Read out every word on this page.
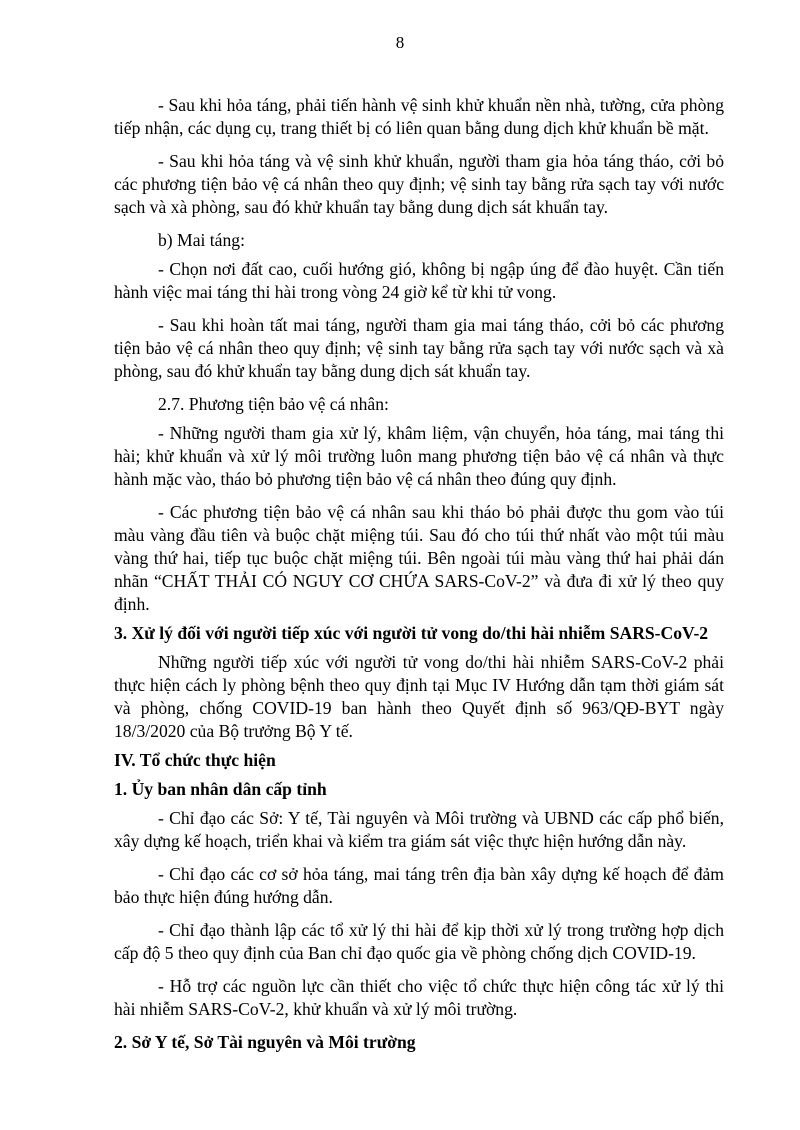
8

- Sau khi hỏa táng, phải tiến hành vệ sinh khử khuẩn nền nhà, tường, cửa phòng tiếp nhận, các dụng cụ, trang thiết bị có liên quan bằng dung dịch khử khuẩn bề mặt.

- Sau khi hỏa táng và vệ sinh khử khuẩn, người tham gia hỏa táng tháo, cởi bỏ các phương tiện bảo vệ cá nhân theo quy định; vệ sinh tay bằng rửa sạch tay với nước sạch và xà phòng, sau đó khử khuẩn tay bằng dung dịch sát khuẩn tay.

b) Mai táng:

- Chọn nơi đất cao, cuối hướng gió, không bị ngập úng để đào huyệt. Cần tiến hành việc mai táng thi hài trong vòng 24 giờ kể từ khi tử vong.

- Sau khi hoàn tất mai táng, người tham gia mai táng tháo, cởi bỏ các phương tiện bảo vệ cá nhân theo quy định; vệ sinh tay bằng rửa sạch tay với nước sạch và xà phòng, sau đó khử khuẩn tay bằng dung dịch sát khuẩn tay.

2.7. Phương tiện bảo vệ cá nhân:

- Những người tham gia xử lý, khâm liệm, vận chuyển, hỏa táng, mai táng thi hài; khử khuẩn và xử lý môi trường luôn mang phương tiện bảo vệ cá nhân và thực hành mặc vào, tháo bỏ phương tiện bảo vệ cá nhân theo đúng quy định.

- Các phương tiện bảo vệ cá nhân sau khi tháo bỏ phải được thu gom vào túi màu vàng đầu tiên và buộc chặt miệng túi. Sau đó cho túi thứ nhất vào một túi màu vàng thứ hai, tiếp tục buộc chặt miệng túi. Bên ngoài túi màu vàng thứ hai phải dán nhãn “CHẤT THẢI CÓ NGUY CƠ CHỨA SARS-CoV-2” và đưa đi xử lý theo quy định.

3. Xử lý đối với người tiếp xúc với người tử vong do/thi hài nhiễm SARS-CoV-2

Những người tiếp xúc với người tử vong do/thi hài nhiễm SARS-CoV-2 phải thực hiện cách ly phòng bệnh theo quy định tại Mục IV Hướng dẫn tạm thời giám sát và phòng, chống COVID-19 ban hành theo Quyết định số 963/QĐ-BYT ngày 18/3/2020 của Bộ trưởng Bộ Y tế.

IV. Tổ chức thực hiện

1. Ủy ban nhân dân cấp tỉnh

- Chỉ đạo các Sở: Y tế, Tài nguyên và Môi trường và UBND các cấp phổ biến, xây dựng kế hoạch, triển khai và kiểm tra giám sát việc thực hiện hướng dẫn này.

- Chỉ đạo các cơ sở hỏa táng, mai táng trên địa bàn xây dựng kế hoạch để đảm bảo thực hiện đúng hướng dẫn.

- Chỉ đạo thành lập các tổ xử lý thi hài để kịp thời xử lý trong trường hợp dịch cấp độ 5 theo quy định của Ban chỉ đạo quốc gia về phòng chống dịch COVID-19.

- Hỗ trợ các nguồn lực cần thiết cho việc tổ chức thực hiện công tác xử lý thi hài nhiễm SARS-CoV-2, khử khuẩn và xử lý môi trường.

2. Sở Y tế, Sở Tài nguyên và Môi trường
